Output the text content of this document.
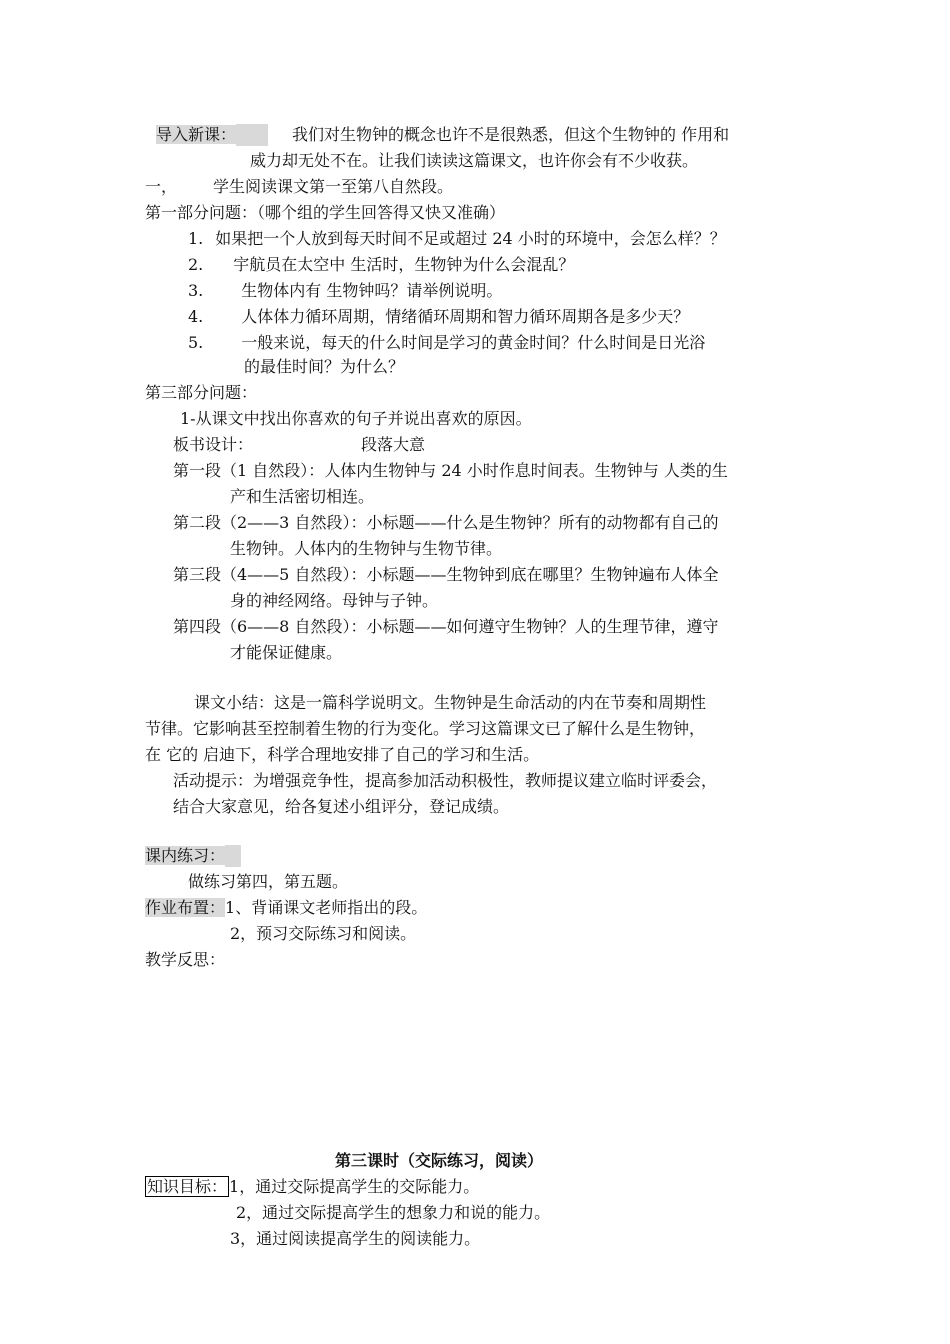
导入新课：	我们对生物钟的概念也许不是很熟悉，但这个生物钟的 作用和
威力却无处不在。让我们读读这篇课文，也许你会有不少收获。
一， 学生阅读课文第一至第八自然段。
第一部分问题：（哪个组的学生回答得又快又准确）
1. 如果把一个人放到每天时间不足或超过 24 小时的环境中，会怎么样？？
2. 宇航员在太空中 生活时，生物钟为什么会混乱？
3. 生物体内有 生物钟吗？请举例说明。
4. 人体体力循环周期，情绪循环周期和智力循环周期各是多少天？
5. 一般来说，每天的什么时间是学习的黄金时间？什么时间是日光浴
的最佳时间？为什么？
第三部分问题：
1-从课文中找出你喜欢的句子并说出喜欢的原因。
板书设计：	段落大意
第一段（1 自然段）：人体内生物钟与 24 小时作息时间表。生物钟与 人类的生
产和生活密切相连。
第二段（2——3 自然段）：小标题——什么是生物钟？所有的动物都有自己的
生物钟。人体内的生物钟与生物节律。
第三段（4——5 自然段）：小标题——生物钟到底在哪里？生物钟遍布人体全
身的神经网络。母钟与子钟。
第四段（6——8 自然段）：小标题——如何遵守生物钟？人的生理节律，遵守
才能保证健康。
课文小结：这是一篇科学说明文。生物钟是生命活动的内在节奏和周期性
节律。它影响甚至控制着生物的行为变化。学习这篇课文已了解什么是生物钟，
在 它的 启迪下，科学合理地安排了自己的学习和生活。
活动提示：为增强竞争性，提高参加活动积极性，教师提议建立临时评委会，
结合大家意见，给各复述小组评分，登记成绩。
课内练习：
做练习第四，第五题。
作业布置：1、背诵课文老师指出的段。
2，预习交际练习和阅读。
教学反思：
第三课时（交际练习，阅读）
知识目标： 1，通过交际提高学生的交际能力。
2，通过交际提高学生的想象力和说的能力。
3，通过阅读提高学生的阅读能力。
